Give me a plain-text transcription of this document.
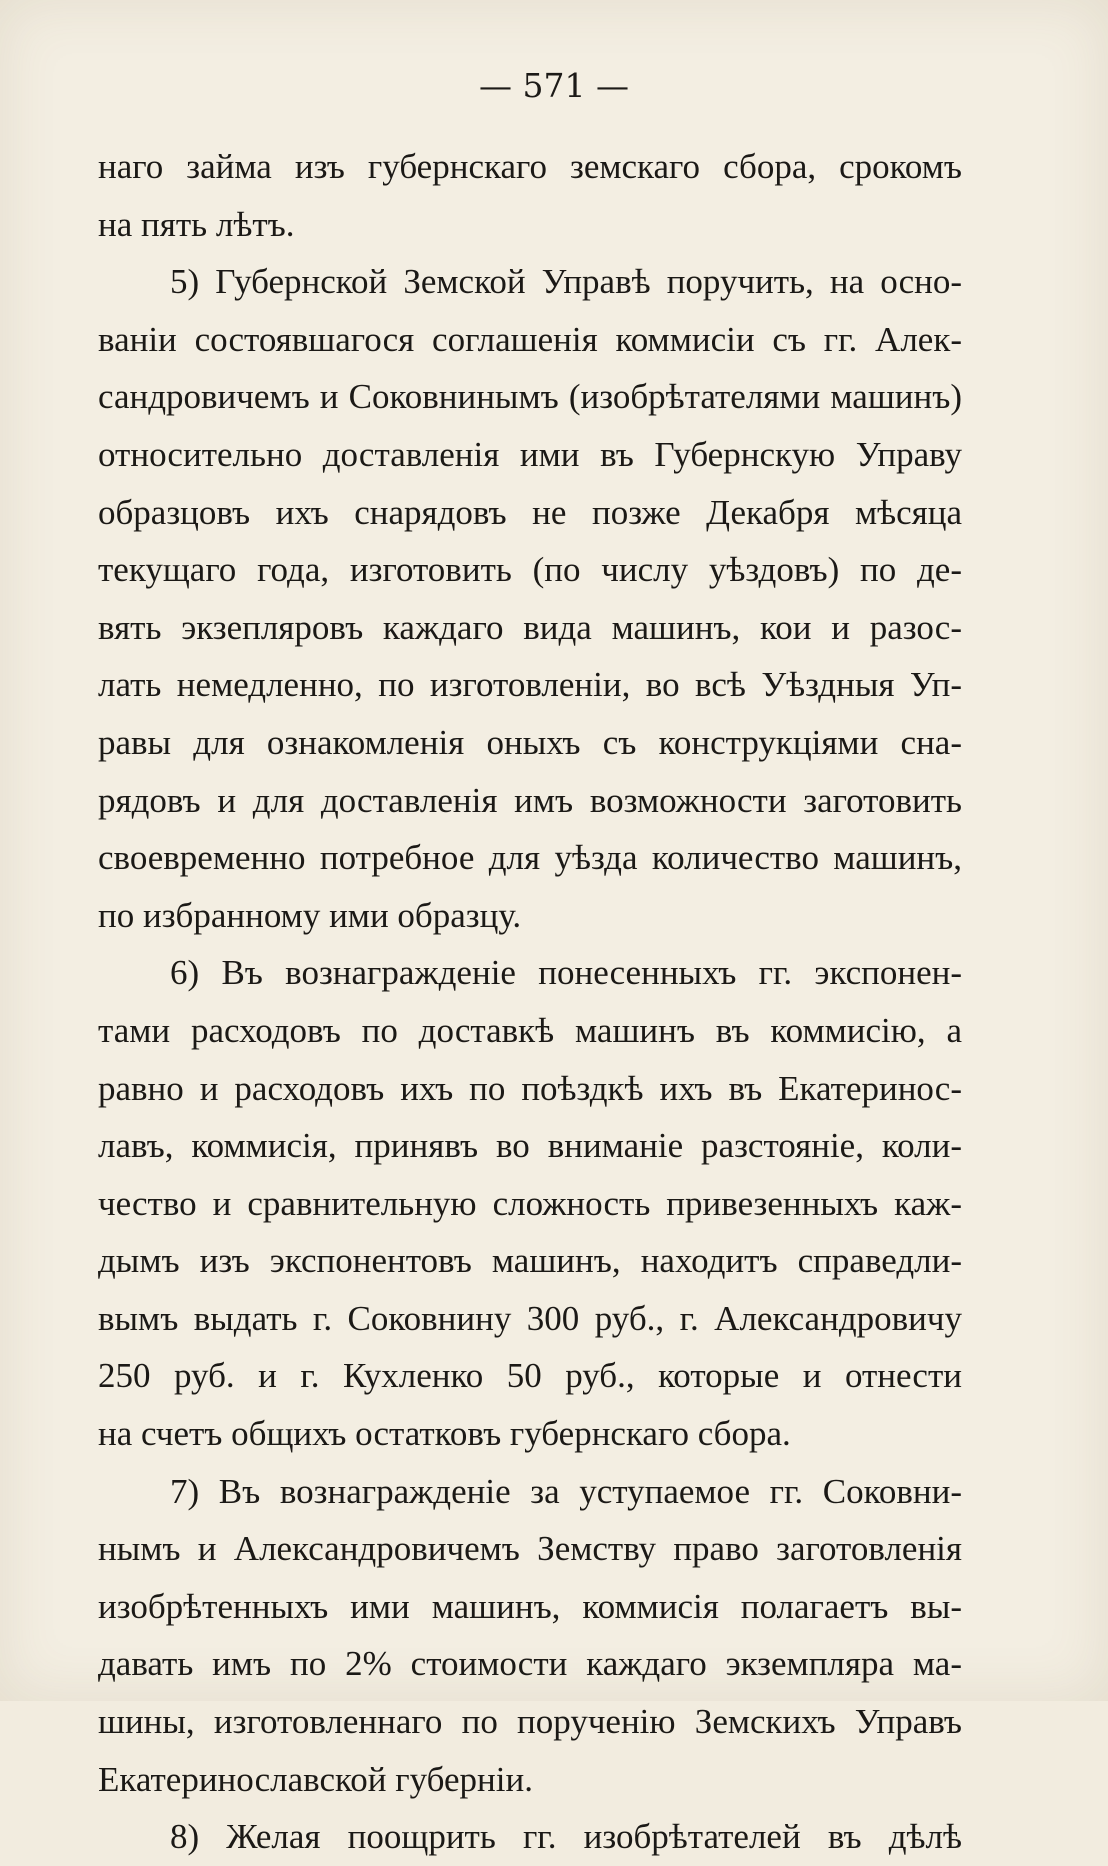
— 571 —
наго займа изъ губернскаго земскаго сбора, срокомъ
на пять лѣтъ.
5) Губернской Земской Управѣ поручить, на осно-
ваніи состоявшагося соглашенія коммисіи съ гг. Алек-
сандровичемъ и Соковнинымъ (изобрѣтателями машинъ)
относительно доставленія ими въ Губернскую Управу
образцовъ ихъ снарядовъ не позже Декабря мѣсяца
текущаго года, изготовить (по числу уѣздовъ) по де-
вять экзепляровъ каждаго вида машинъ, кои и разос-
лать немедленно, по изготовленіи, во всѣ Уѣздныя Уп-
равы для ознакомленія оныхъ съ конструкціями сна-
рядовъ и для доставленія имъ возможности заготовить
своевременно потребное для уѣзда количество машинъ,
по избранному ими образцу.
6) Въ вознагражденіе понесенныхъ гг. экспонен-
тами расходовъ по доставкѣ машинъ въ коммисію, а
равно и расходовъ ихъ по поѣздкѣ ихъ въ Екатеринос-
лавъ, коммисія, принявъ во вниманіе разстояніе, коли-
чество и сравнительную сложность привезенныхъ каж-
дымъ изъ экспонентовъ машинъ, находитъ справедли-
вымъ выдать г. Соковнину 300 руб., г. Александровичу
250 руб. и г. Кухленко 50 руб., которые и отнести
на счетъ общихъ остатковъ губернскаго сбора.
7) Въ вознагражденіе за уступаемое гг. Соковни-
нымъ и Александровичемъ Земству право заготовленія
изобрѣтенныхъ ими машинъ, коммисія полагаетъ вы-
давать имъ по 2% стоимости каждаго экземпляра ма-
шины, изготовленнаго по порученію Земскихъ Управъ
Екатеринославской губерніи.
8) Желая поощрить гг. изобрѣтателей въ дѣлѣ
